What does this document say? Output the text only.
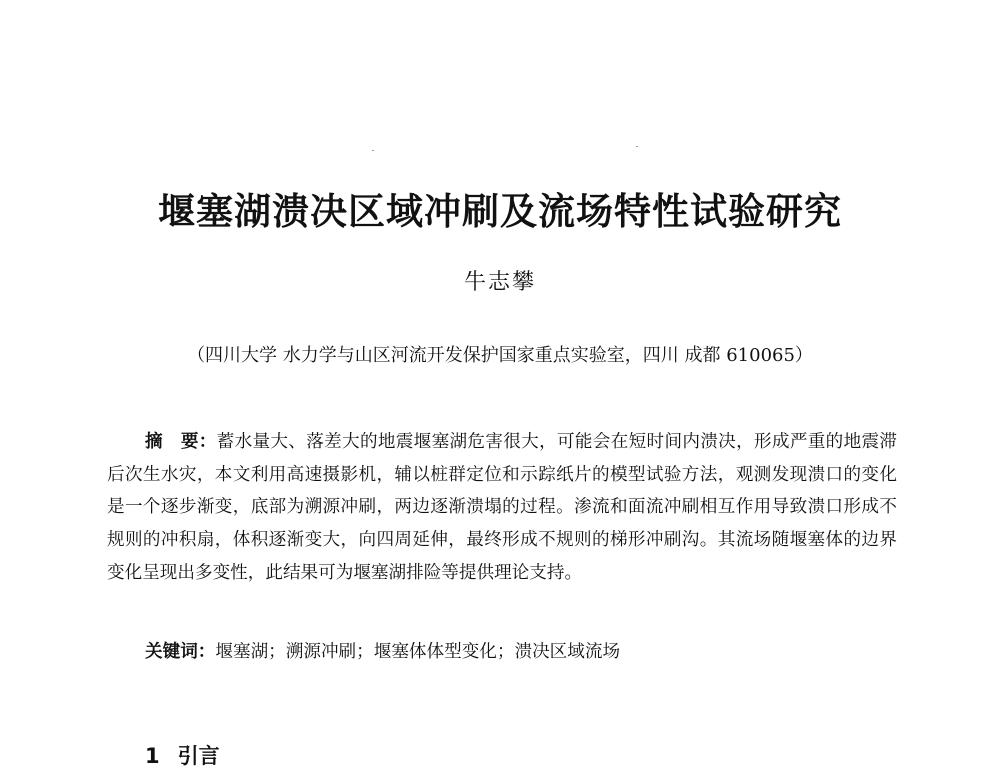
堰塞湖溃决区域冲刷及流场特性试验研究
牛志攀
（四川大学 水力学与山区河流开发保护国家重点实验室，四川 成都 610065）

摘　要：蓄水量大、落差大的地震堰塞湖危害很大，可能会在短时间内溃决，形成严重的地震滞后次生水灾，本文利用高速摄影机，辅以桩群定位和示踪纸片的模型试验方法，观测发现溃口的变化是一个逐步渐变，底部为溯源冲刷，两边逐渐溃塌的过程。渗流和面流冲刷相互作用导致溃口形成不规则的冲积扇，体积逐渐变大，向四周延伸，最终形成不规则的梯形冲刷沟。其流场随堰塞体的边界变化呈现出多变性，此结果可为堰塞湖排险等提供理论支持。

关键词：堰塞湖；溯源冲刷；堰塞体体型变化；溃决区域流场
1 引言
